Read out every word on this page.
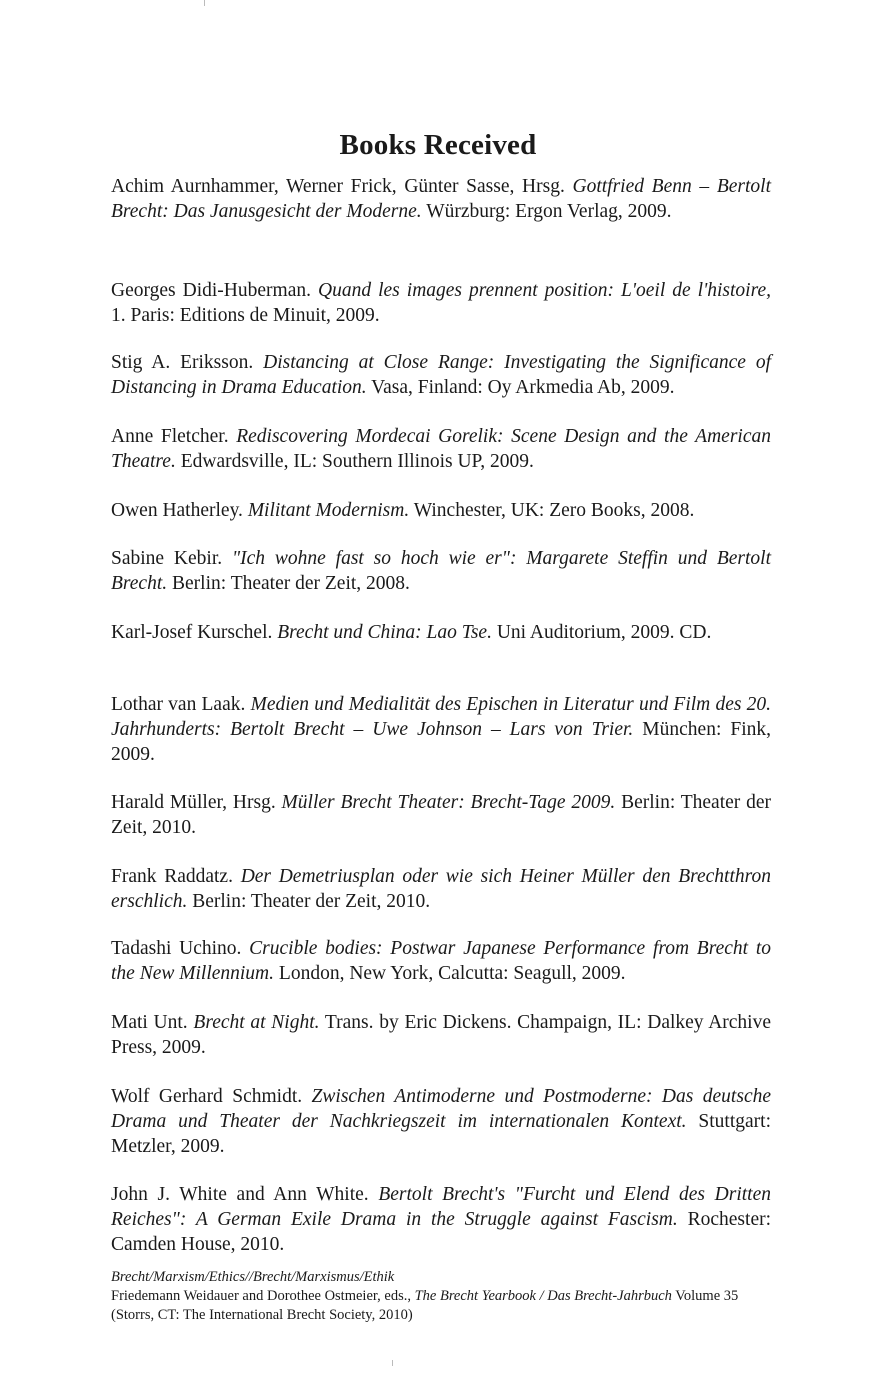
Books Received

Achim Aurnhammer, Werner Frick, Günter Sasse, Hrsg. Gottfried Benn – Bertolt Brecht: Das Janusgesicht der Moderne. Würzburg: Ergon Verlag, 2009.

Georges Didi-Huberman. Quand les images prennent position: L'oeil de l'histoire, 1. Paris: Editions de Minuit, 2009.

Stig A. Eriksson. Distancing at Close Range: Investigating the Significance of Distancing in Drama Education. Vasa, Finland: Oy Arkmedia Ab, 2009.

Anne Fletcher. Rediscovering Mordecai Gorelik: Scene Design and the American Theatre. Edwardsville, IL: Southern Illinois UP, 2009.

Owen Hatherley. Militant Modernism. Winchester, UK: Zero Books, 2008.

Sabine Kebir. "Ich wohne fast so hoch wie er": Margarete Steffin und Bertolt Brecht. Berlin: Theater der Zeit, 2008.

Karl-Josef Kurschel. Brecht und China: Lao Tse. Uni Auditorium, 2009. CD.

Lothar van Laak. Medien und Medialität des Epischen in Literatur und Film des 20. Jahrhunderts: Bertolt Brecht – Uwe Johnson – Lars von Trier. München: Fink, 2009.

Harald Müller, Hrsg. Müller Brecht Theater: Brecht-Tage 2009. Berlin: Theater der Zeit, 2010.

Frank Raddatz. Der Demetriusplan oder wie sich Heiner Müller den Brechtthron erschlich. Berlin: Theater der Zeit, 2010.

Tadashi Uchino. Crucible bodies: Postwar Japanese Performance from Brecht to the New Millennium. London, New York, Calcutta: Seagull, 2009.

Mati Unt. Brecht at Night. Trans. by Eric Dickens. Champaign, IL: Dalkey Archive Press, 2009.

Wolf Gerhard Schmidt. Zwischen Antimoderne und Postmoderne: Das deutsche Drama und Theater der Nachkriegszeit im internationalen Kontext. Stuttgart: Metzler, 2009.

John J. White and Ann White. Bertolt Brecht's "Furcht und Elend des Dritten Reiches": A German Exile Drama in the Struggle against Fascism. Rochester: Camden House, 2010.

Brecht/Marxism/Ethics//Brecht/Marxismus/Ethik

Friedemann Weidauer and Dorothee Ostmeier, eds., The Brecht Yearbook / Das Brecht-Jahrbuch Volume 35 (Storrs, CT: The International Brecht Society, 2010)
